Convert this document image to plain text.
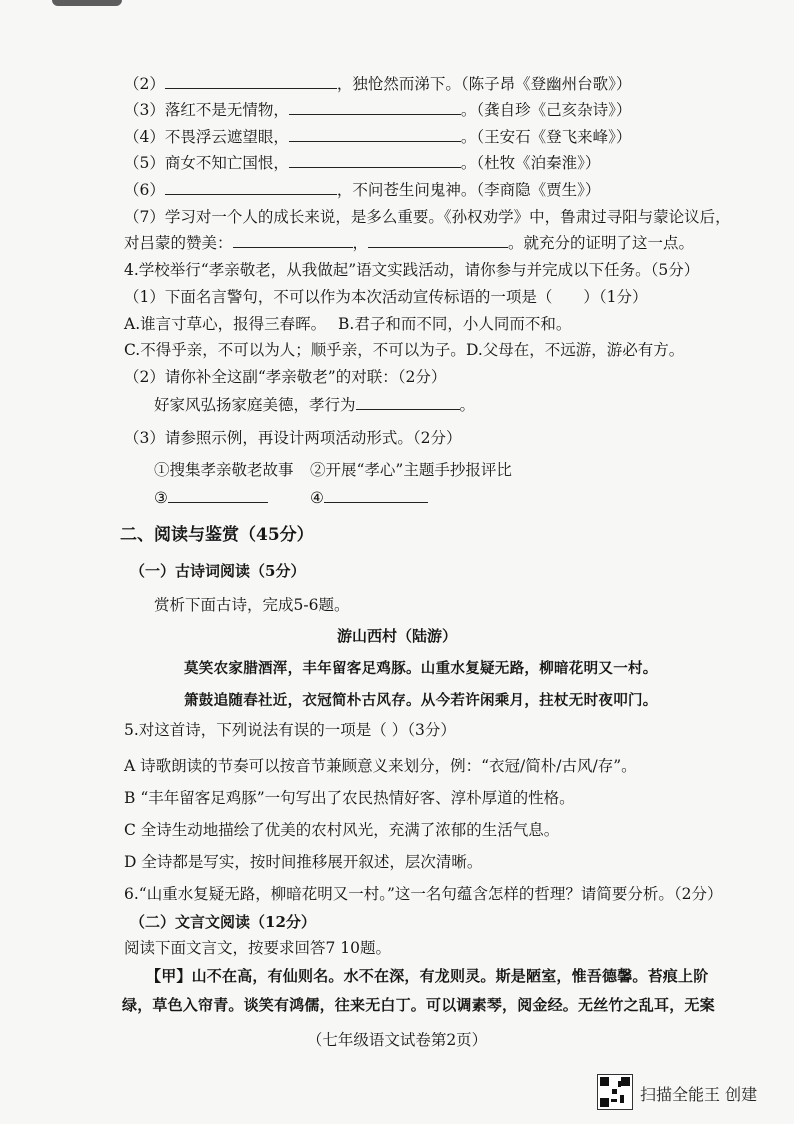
（2）	，独怆然而涕下。（陈子昂《登幽州台歌》）
（3）落红不是无情物，	。（龚自珍《己亥杂诗》）
（4）不畏浮云遮望眼，	。（王安石《登飞来峰》）
（5）商女不知亡国恨，	。（杜牧《泊秦淮》）
（6）	，不问苍生问鬼神。（李商隐《贾生》）
（7）学习对一个人的成长来说，是多么重要。《孙权劝学》中，鲁肃过寻阳与蒙论议后，
对吕蒙的赞美：	，	。就充分的证明了这一点。
4.学校举行“孝亲敬老，从我做起”语文实践活动，请你参与并完成以下任务。（5分）
（1）下面名言警句，不可以作为本次活动宣传标语的一项是（　　）（1分）
A.谁言寸草心，报得三春晖。 B.君子和而不同，小人同而不和。
C.不得乎亲，不可以为人；顺乎亲，不可以为子。 D.父母在，不远游，游必有方。
（2）请你补全这副“孝亲敬老”的对联：（2分）
好家风弘扬家庭美德，孝行为	。
（3）请参照示例，再设计两项活动形式。（2分）
①搜集孝亲敬老故事 ②开展“孝心”主题手抄报评比
③	④
二、阅读与鉴赏（45分）
（一）古诗词阅读（5分）
赏析下面古诗，完成5-6题。
游山西村（陆游）
莫笑农家腊酒浑，丰年留客足鸡豚。山重水复疑无路，柳暗花明又一村。
箫鼓追随春社近，衣冠简朴古风存。从今若许闲乘月，拄杖无时夜叩门。
5.对这首诗，下列说法有误的一项是（ ）（3分）
A 诗歌朗读的节奏可以按音节兼顾意义来划分，例：“衣冠/简朴/古风/存”。
B “丰年留客足鸡豚”一句写出了农民热情好客、淳朴厚道的性格。
C 全诗生动地描绘了优美的农村风光，充满了浓郁的生活气息。
D 全诗都是写实，按时间推移展开叙述，层次清晰。
6.“山重水复疑无路，柳暗花明又一村。”这一名句蕴含怎样的哲理？请简要分析。（2分）
（二）文言文阅读（12分）
阅读下面文言文，按要求回答7 10题。
【甲】山不在高，有仙则名。水不在深，有龙则灵。斯是陋室，惟吾德馨。苔痕上阶
绿，草色入帘青。谈笑有鸿儒，往来无白丁。可以调素琴，阅金经。无丝竹之乱耳，无案
（七年级语文试卷第2页）
扫描全能王 创建
